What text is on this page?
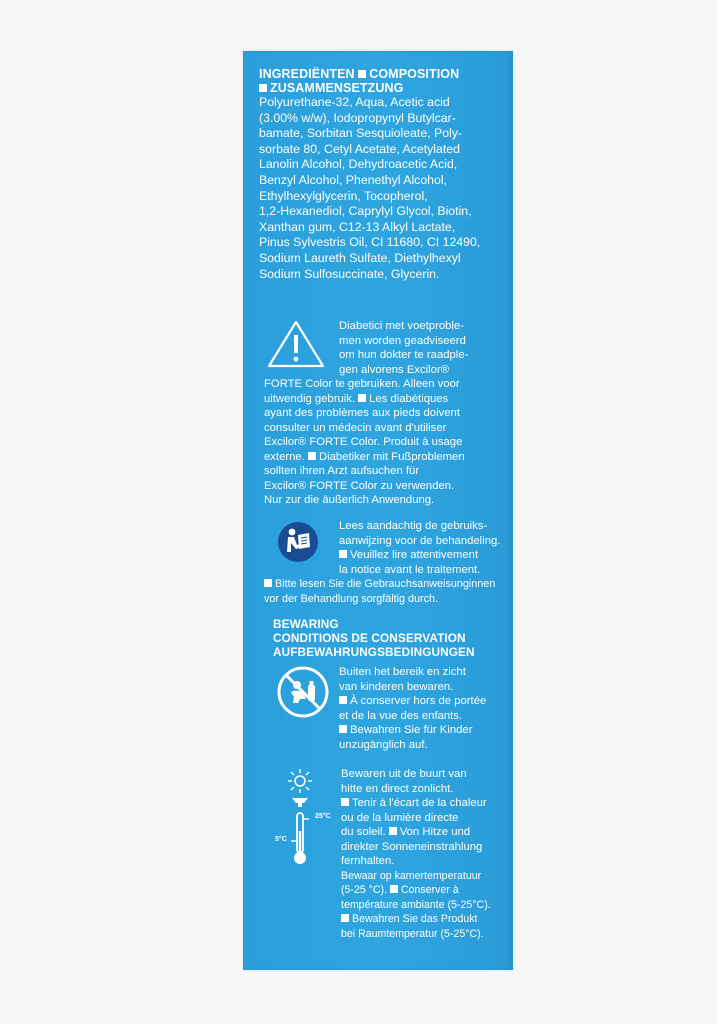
INGREDIËNTEN COMPOSITION
ZUSAMMENSETZUNG
Polyurethane-32, Aqua, Acetic acid
(3.00% w/w), Iodopropynyl Butylcar-
bamate, Sorbitan Sesquioleate, Poly-
sorbate 80, Cetyl Acetate, Acetylated
Lanolin Alcohol, Dehydroacetic Acid,
Benzyl Alcohol, Phenethyl Alcohol,
Ethylhexylglycerin, Tocopherol,
1,2-Hexanediol, Caprylyl Glycol, Biotin,
Xanthan gum, C12-13 Alkyl Lactate,
Pinus Sylvestris Oil, CI 11680, CI 12490,
Sodium Laureth Sulfate, Diethylhexyl
Sodium Sulfosuccinate, Glycerin.
Diabetici met voetproble-
men worden geadviseerd
om hun dokter te raadple-
gen alvorens Excilor®
FORTE Color te gebruiken. Alleen voor
uitwendig gebruik. Les diabétiques
ayant des problèmes aux pieds doivent
consulter un médecin avant d'utiliser
Excilor® FORTE Color. Produit à usage
externe. Diabetiker mit Fußproblemen
sollten ihren Arzt aufsuchen für
Excilor® FORTE Color zu verwenden.
Nur zur die äußerlich Anwendung.
Lees aandachtig de gebruiks-
aanwijzing voor de behandeling.
Veuillez lire attentivement
la notice avant le traitement.
Bitte lesen Sie die Gebrauchsanweisunginnen
vor der Behandlung sorgfältig durch.
BEWARING
CONDITIONS DE CONSERVATION
AUFBEWAHRUNGSBEDINGUNGEN
Buiten het bereik en zicht
van kinderen bewaren.
À conserver hors de portée
et de la vue des enfants.
Bewahren Sie für Kinder
unzugänglich auf.
25°C
5°C
Bewaren uit de buurt van
hitte en direct zonlicht.
Tenir à l'écart de la chaleur
ou de la lumière directe
du soleil. Von Hitze und
direkter Sonneneinstrahlung
fernhalten.
Bewaar op kamertemperatuur
(5-25 °C). Conserver à
température ambiante (5-25°C).
Bewahren Sie das Produkt
bei Raumtemperatur (5-25°C).
